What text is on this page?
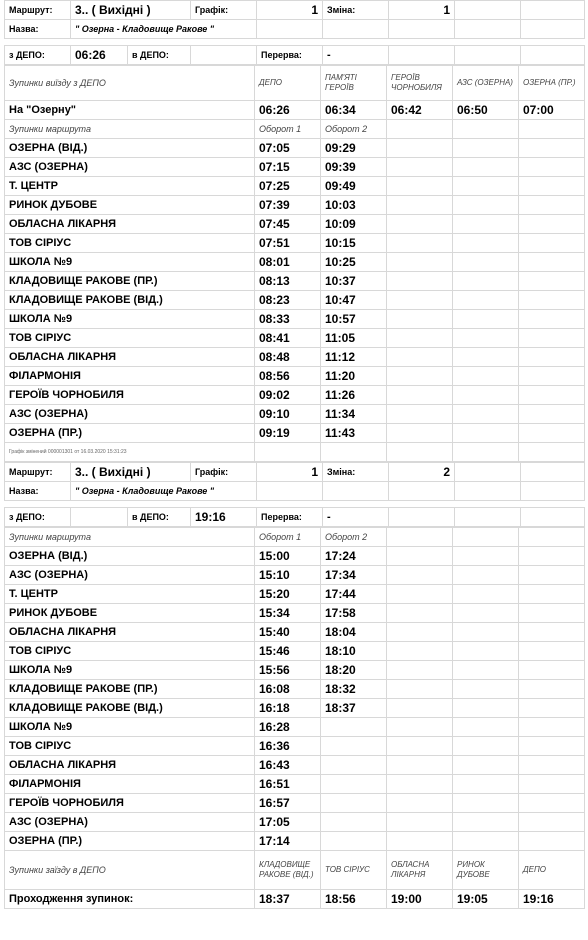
Маршрут:	3.. ( Вихідні )		Графік:	1	Зміна:	1		
Назва:	" Озерна - Кладовище Ракове "							

з ДЕПО:	06:26	в ДЕПО:		Перерва:	-			
Зупинки виїзду з ДЕПО	ДЕПО	ПАМ'ЯТІ ГЕРОЇВ	ГЕРОЇВ ЧОРНОБИЛЯ	АЗС (ОЗЕРНА)	ОЗЕРНА (ПР.)
На "Озерну"	06:26	06:34	06:42	06:50	07:00
Зупинки маршрута	Оборот 1	Оборот 2			
ОЗЕРНА (ВІД.)	07:05	09:29			
АЗС (ОЗЕРНА)	07:15	09:39			
Т. ЦЕНТР	07:25	09:49			
РИНОК ДУБОВЕ	07:39	10:03			
ОБЛАСНА ЛІКАРНЯ	07:45	10:09			
ТОВ СІРІУС	07:51	10:15			
ШКОЛА №9	08:01	10:25			
КЛАДОВИЩЕ РАКОВЕ (ПР.)	08:13	10:37			
КЛАДОВИЩЕ РАКОВЕ (ВІД.)	08:23	10:47			
ШКОЛА №9	08:33	10:57			
ТОВ СІРІУС	08:41	11:05			
ОБЛАСНА ЛІКАРНЯ	08:48	11:12			
ФІЛАРМОНІЯ	08:56	11:20			
ГЕРОЇВ ЧОРНОБИЛЯ	09:02	11:26			
АЗС (ОЗЕРНА)	09:10	11:34			
ОЗЕРНА (ПР.)	09:19	11:43			
Графік змінений 000001301 от 16.03.2020 15:31:23					
Маршрут:	3.. ( Вихідні )		Графік:	1	Зміна:	2		
Назва:	" Озерна - Кладовище Ракове "							

з ДЕПО:		в ДЕПО:	19:16	Перерва:	-			
Зупинки маршрута	Оборот 1	Оборот 2			
ОЗЕРНА (ВІД.)	15:00	17:24			
АЗС (ОЗЕРНА)	15:10	17:34			
Т. ЦЕНТР	15:20	17:44			
РИНОК ДУБОВЕ	15:34	17:58			
ОБЛАСНА ЛІКАРНЯ	15:40	18:04			
ТОВ СІРІУС	15:46	18:10			
ШКОЛА №9	15:56	18:20			
КЛАДОВИЩЕ РАКОВЕ (ПР.)	16:08	18:32			
КЛАДОВИЩЕ РАКОВЕ (ВІД.)	16:18	18:37			
ШКОЛА №9	16:28				
ТОВ СІРІУС	16:36				
ОБЛАСНА ЛІКАРНЯ	16:43				
ФІЛАРМОНІЯ	16:51				
ГЕРОЇВ ЧОРНОБИЛЯ	16:57				
АЗС (ОЗЕРНА)	17:05				
ОЗЕРНА (ПР.)	17:14				
Зупинки заїзду в ДЕПО	КЛАДОВИЩЕ РАКОВЕ (ВІД.)	ТОВ СІРІУС	ОБЛАСНА ЛІКАРНЯ	РИНОК ДУБОВЕ	ДЕПО
Проходження зупинок:	18:37	18:56	19:00	19:05	19:16
